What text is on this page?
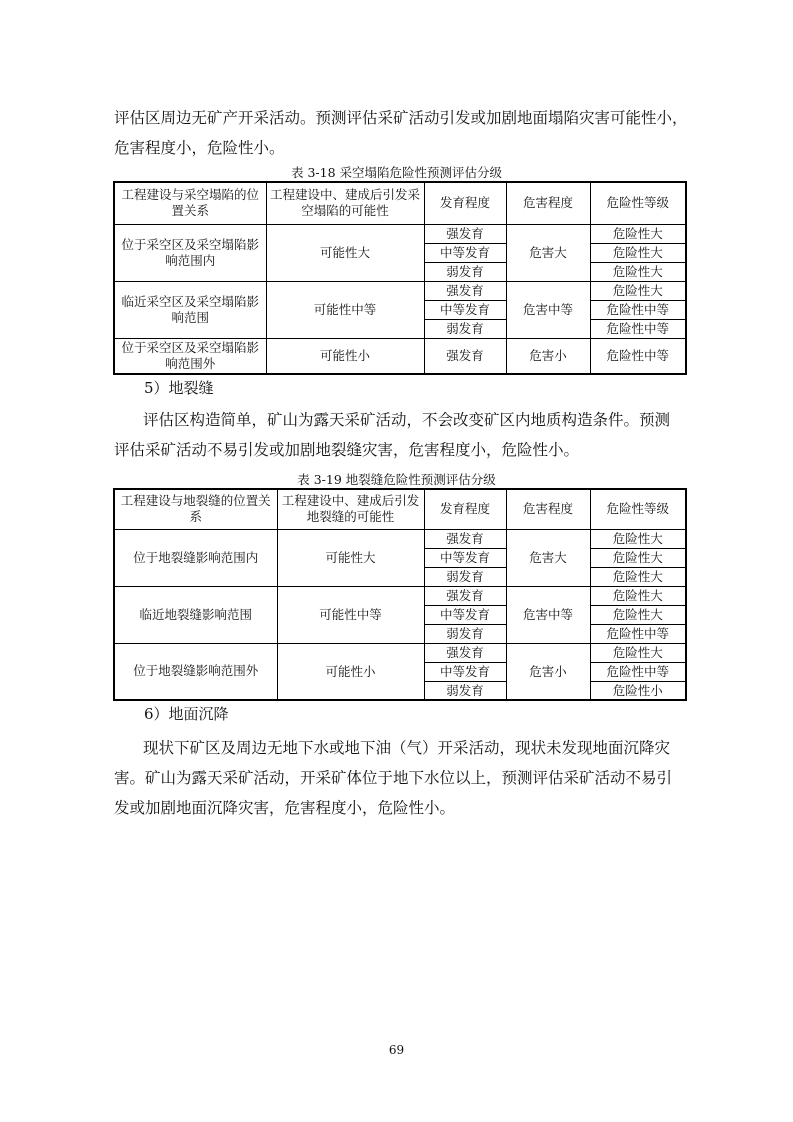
评估区周边无矿产开采活动。预测评估采矿活动引发或加剧地面塌陷灾害可能性小，
危害程度小，危险性小。

表 3-18 采空塌陷危险性预测评估分级

工程建设与采空塌陷的位置关系	工程建设中、建成后引发采空塌陷的可能性	发育程度	危害程度	危险性等级
位于采空区及采空塌陷影响范围内	可能性大	强发育	危害大	危险性大
		中等发育		危险性大
		弱发育		危险性大
临近采空区及采空塌陷影响范围	可能性中等	强发育	危害中等	危险性大
		中等发育		危险性中等
		弱发育		危险性中等
位于采空区及采空塌陷影响范围外	可能性小	强发育	危害小	危险性中等

5）地裂缝

评估区构造简单，矿山为露天采矿活动，不会改变矿区内地质构造条件。预测
评估采矿活动不易引发或加剧地裂缝灾害，危害程度小，危险性小。

表 3-19 地裂缝危险性预测评估分级

工程建设与地裂缝的位置关系	工程建设中、建成后引发地裂缝的可能性	发育程度	危害程度	危险性等级
位于地裂缝影响范围内	可能性大	强发育	危害大	危险性大
		中等发育		危险性大
		弱发育		危险性大
临近地裂缝影响范围	可能性中等	强发育	危害中等	危险性大
		中等发育		危险性大
		弱发育		危险性中等
位于地裂缝影响范围外	可能性小	强发育	危害小	危险性大
		中等发育		危险性中等
		弱发育		危险性小

6）地面沉降

现状下矿区及周边无地下水或地下油（气）开采活动，现状未发现地面沉降灾
害。矿山为露天采矿活动，开采矿体位于地下水位以上，预测评估采矿活动不易引
发或加剧地面沉降灾害，危害程度小，危险性小。

69
